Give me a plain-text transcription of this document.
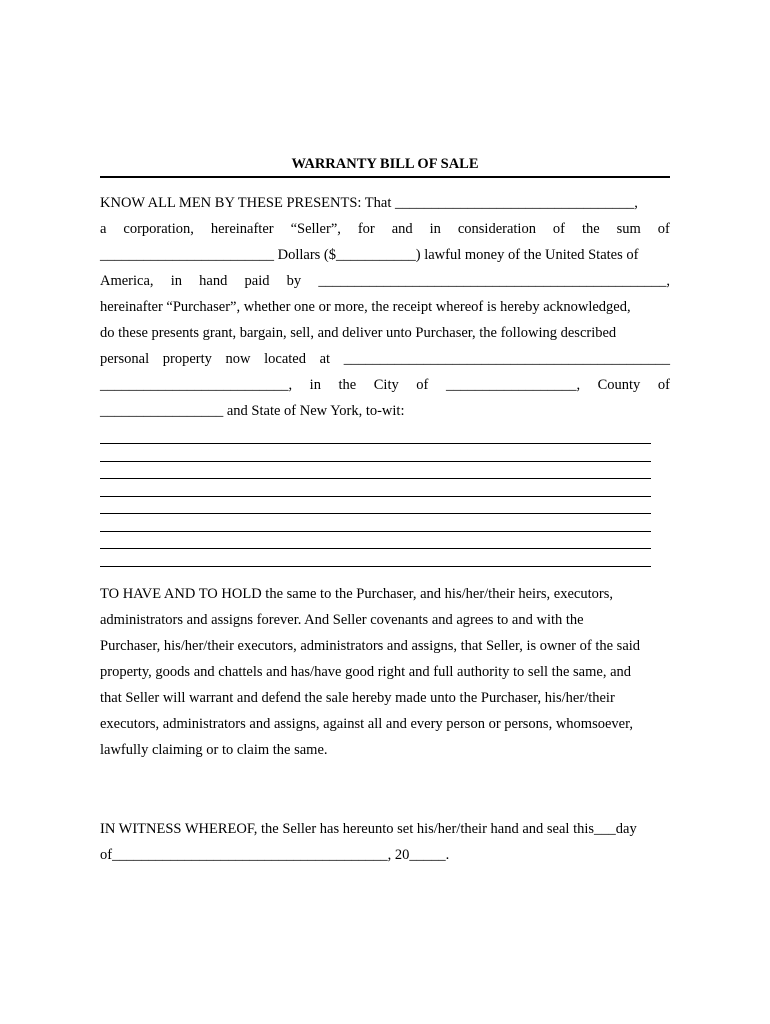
WARRANTY BILL OF SALE
KNOW ALL MEN BY THESE PRESENTS: That _________________________________,
a corporation, hereinafter “Seller”, for and in consideration of the sum of
________________________ Dollars ($___________) lawful money of the United States of
America, in hand paid by ________________________________________________,
hereinafter “Purchaser”, whether one or more, the receipt whereof is hereby acknowledged,
do these presents grant, bargain, sell, and deliver unto Purchaser, the following described
personal property now located at _____________________________________________
__________________________, in the City of __________________, County of
_________________ and State of New York, to-wit:
TO HAVE AND TO HOLD the same to the Purchaser, and his/her/their heirs, executors,
administrators and assigns forever. And Seller covenants and agrees to and with the
Purchaser, his/her/their executors, administrators and assigns, that Seller, is owner of the said
property, goods and chattels and has/have good right and full authority to sell the same, and
that Seller will warrant and defend the sale hereby made unto the Purchaser, his/her/their
executors, administrators and assigns, against all and every person or persons, whomsoever,
lawfully claiming or to claim the same.
IN WITNESS WHEREOF, the Seller has hereunto set his/her/their hand and seal this___day
of______________________________________, 20_____.
